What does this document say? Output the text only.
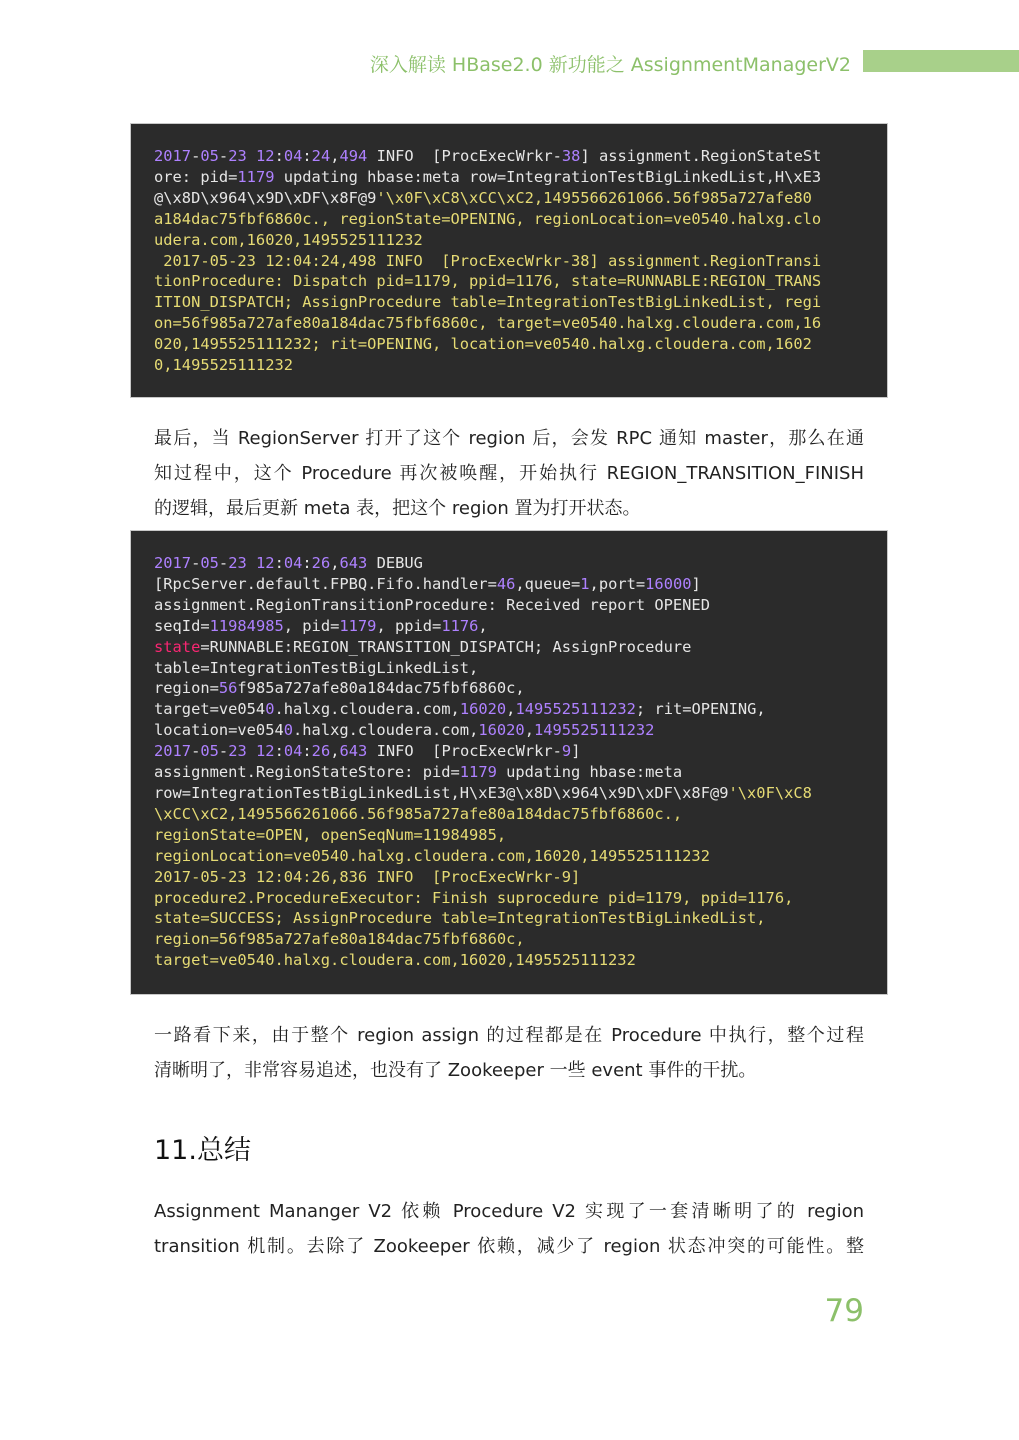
深入解读 HBase2.0 新功能之 AssignmentManagerV2
2017-05-23 12:04:24,494 INFO  [ProcExecWrkr-38] assignment.RegionStateSt
ore: pid=1179 updating hbase:meta row=IntegrationTestBigLinkedList,H\xE3
@\x8D\x964\x9D\xDF\x8F@9'\x0F\xC8\xCC\xC2,1495566261066.56f985a727afe80
a184dac75fbf6860c., regionState=OPENING, regionLocation=ve0540.halxg.clo
udera.com,16020,1495525111232
2017-05-23 12:04:24,498 INFO  [ProcExecWrkr-38] assignment.RegionTransi
tionProcedure: Dispatch pid=1179, ppid=1176, state=RUNNABLE:REGION_TRANS
ITION_DISPATCH; AssignProcedure table=IntegrationTestBigLinkedList, regi
on=56f985a727afe80a184dac75fbf6860c, target=ve0540.halxg.cloudera.com,16
020,1495525111232; rit=OPENING, location=ve0540.halxg.cloudera.com,1602
0,1495525111232
最后，当 RegionServer 打开了这个 region 后，会发 RPC 通知 master，那么在通
知过程中，这个 Procedure 再次被唤醒，开始执行 REGION_TRANSITION_FINISH
的逻辑，最后更新 meta 表，把这个 region 置为打开状态。
2017-05-23 12:04:26,643 DEBUG
[RpcServer.default.FPBQ.Fifo.handler=46,queue=1,port=16000]
assignment.RegionTransitionProcedure: Received report OPENED
seqId=11984985, pid=1179, ppid=1176,
state=RUNNABLE:REGION_TRANSITION_DISPATCH; AssignProcedure
table=IntegrationTestBigLinkedList,
region=56f985a727afe80a184dac75fbf6860c,
target=ve0540.halxg.cloudera.com,16020,1495525111232; rit=OPENING,
location=ve0540.halxg.cloudera.com,16020,1495525111232
2017-05-23 12:04:26,643 INFO  [ProcExecWrkr-9]
assignment.RegionStateStore: pid=1179 updating hbase:meta
row=IntegrationTestBigLinkedList,H\xE3@\x8D\x964\x9D\xDF\x8F@9'\x0F\xC8
\xCC\xC2,1495566261066.56f985a727afe80a184dac75fbf6860c.,
regionState=OPEN, openSeqNum=11984985,
regionLocation=ve0540.halxg.cloudera.com,16020,1495525111232
2017-05-23 12:04:26,836 INFO  [ProcExecWrkr-9]
procedure2.ProcedureExecutor: Finish suprocedure pid=1179, ppid=1176,
state=SUCCESS; AssignProcedure table=IntegrationTestBigLinkedList,
region=56f985a727afe80a184dac75fbf6860c,
target=ve0540.halxg.cloudera.com,16020,1495525111232
一路看下来，由于整个 region assign 的过程都是在 Procedure 中执行，整个过程
清晰明了，非常容易追述，也没有了 Zookeeper 一些 event 事件的干扰。
11.总结
Assignment Mananger V2 依赖 Procedure V2 实现了一套清晰明了的 region
transition 机制。去除了 Zookeeper 依赖，减少了 region 状态冲突的可能性。整
79
